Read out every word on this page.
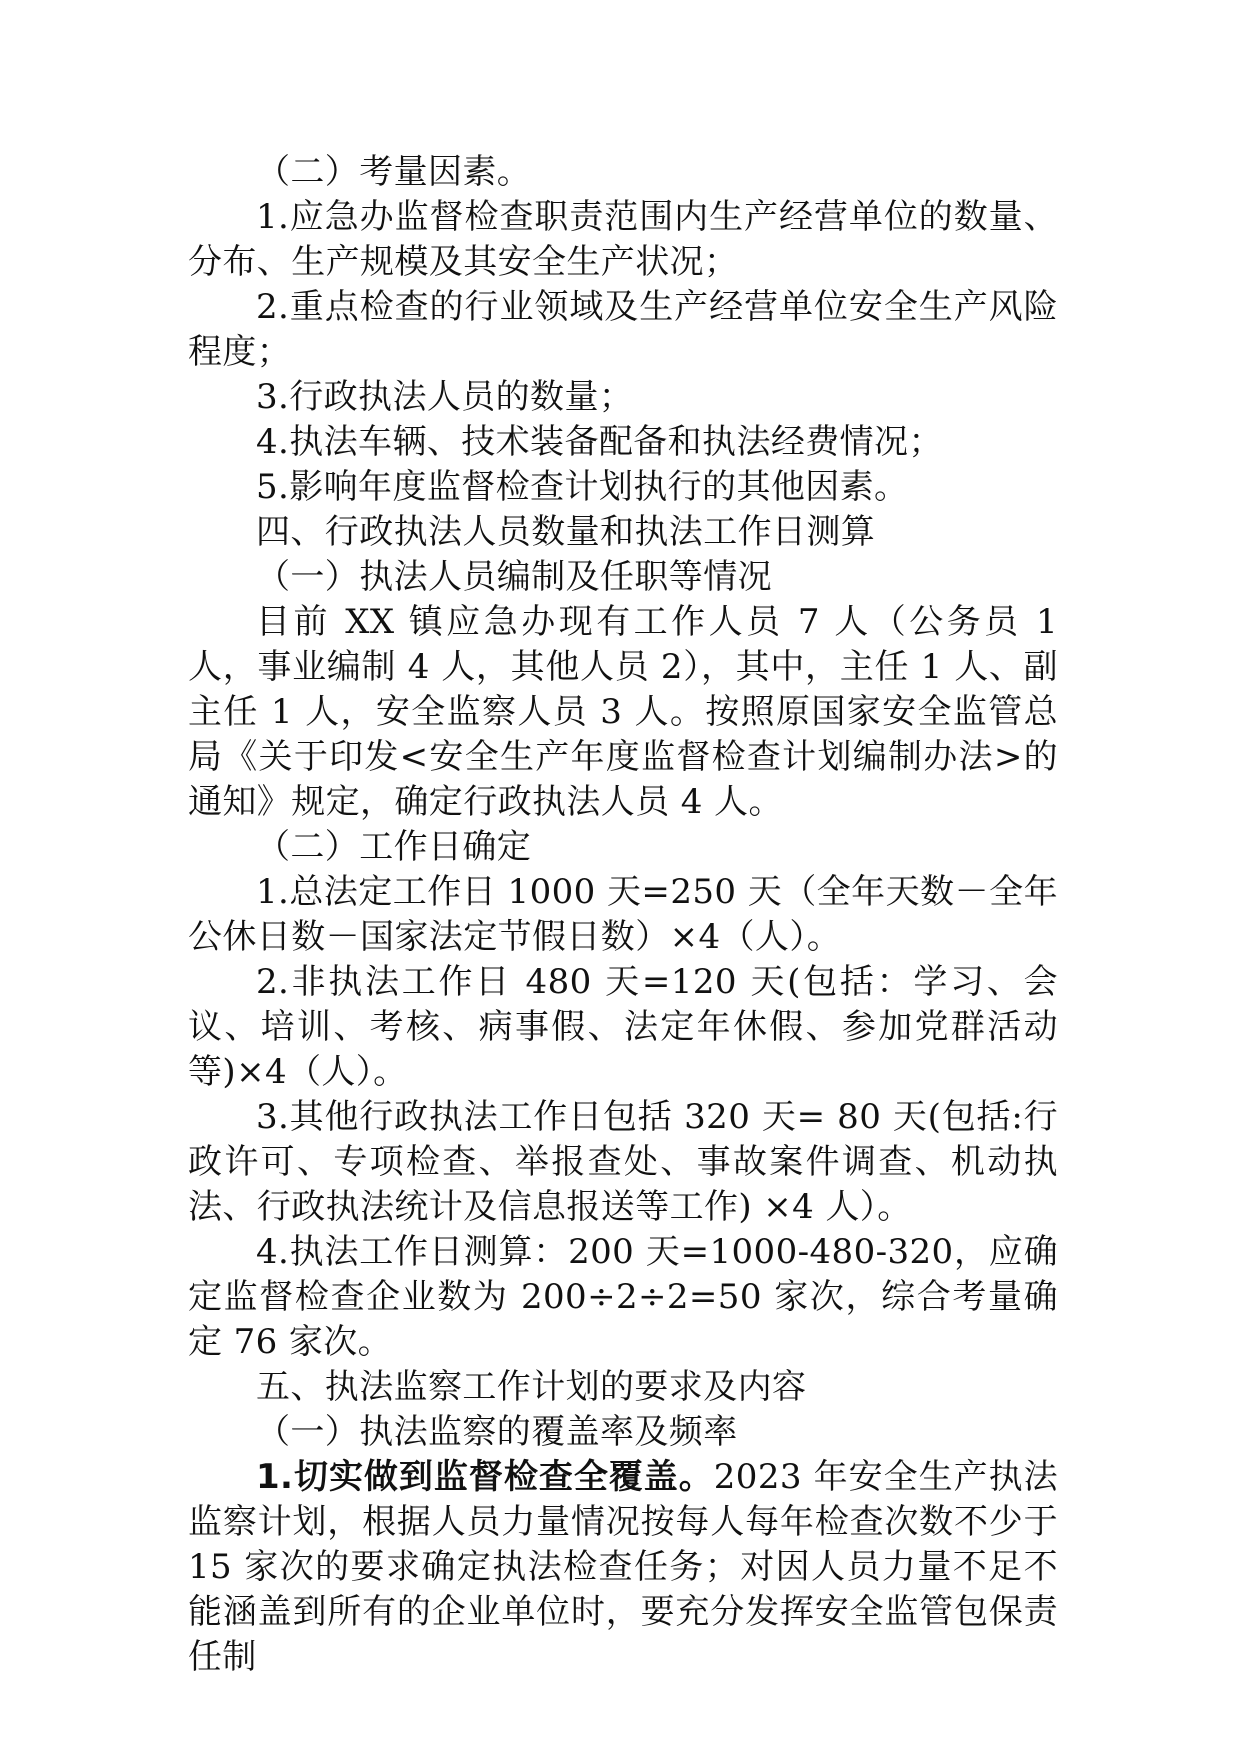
（二）考量因素。

1.应急办监督检查职责范围内生产经营单位的数量、分布、生产规模及其安全生产状况；

2.重点检查的行业领域及生产经营单位安全生产风险程度；

3.行政执法人员的数量；

4.执法车辆、技术装备配备和执法经费情况；

5.影响年度监督检查计划执行的其他因素。

四、行政执法人员数量和执法工作日测算

（一）执法人员编制及任职等情况

目前 XX 镇应急办现有工作人员 7 人（公务员 1 人，事业编制 4 人，其他人员 2），其中，主任 1 人、副主任 1 人，安全监察人员 3 人。按照原国家安全监管总局《关于印发<安全生产年度监督检查计划编制办法>的通知》规定，确定行政执法人员 4 人。

（二）工作日确定

1.总法定工作日 1000 天=250 天（全年天数－全年公休日数－国家法定节假日数）×4（人）。

2.非执法工作日 480 天=120 天(包括：学习、会议、培训、考核、病事假、法定年休假、参加党群活动等)×4（人）。

3.其他行政执法工作日包括 320 天= 80 天(包括:行政许可、专项检查、举报查处、事故案件调查、机动执法、行政执法统计及信息报送等工作) ×4 人）。

4.执法工作日测算：200 天=1000-480-320，应确定监督检查企业数为 200÷2÷2=50 家次，综合考量确定 76 家次。

五、执法监察工作计划的要求及内容

（一）执法监察的覆盖率及频率

1.切实做到监督检查全覆盖。2023 年安全生产执法监察计划，根据人员力量情况按每人每年检查次数不少于 15 家次的要求确定执法检查任务；对因人员力量不足不能涵盖到所有的企业单位时，要充分发挥安全监管包保责任制
